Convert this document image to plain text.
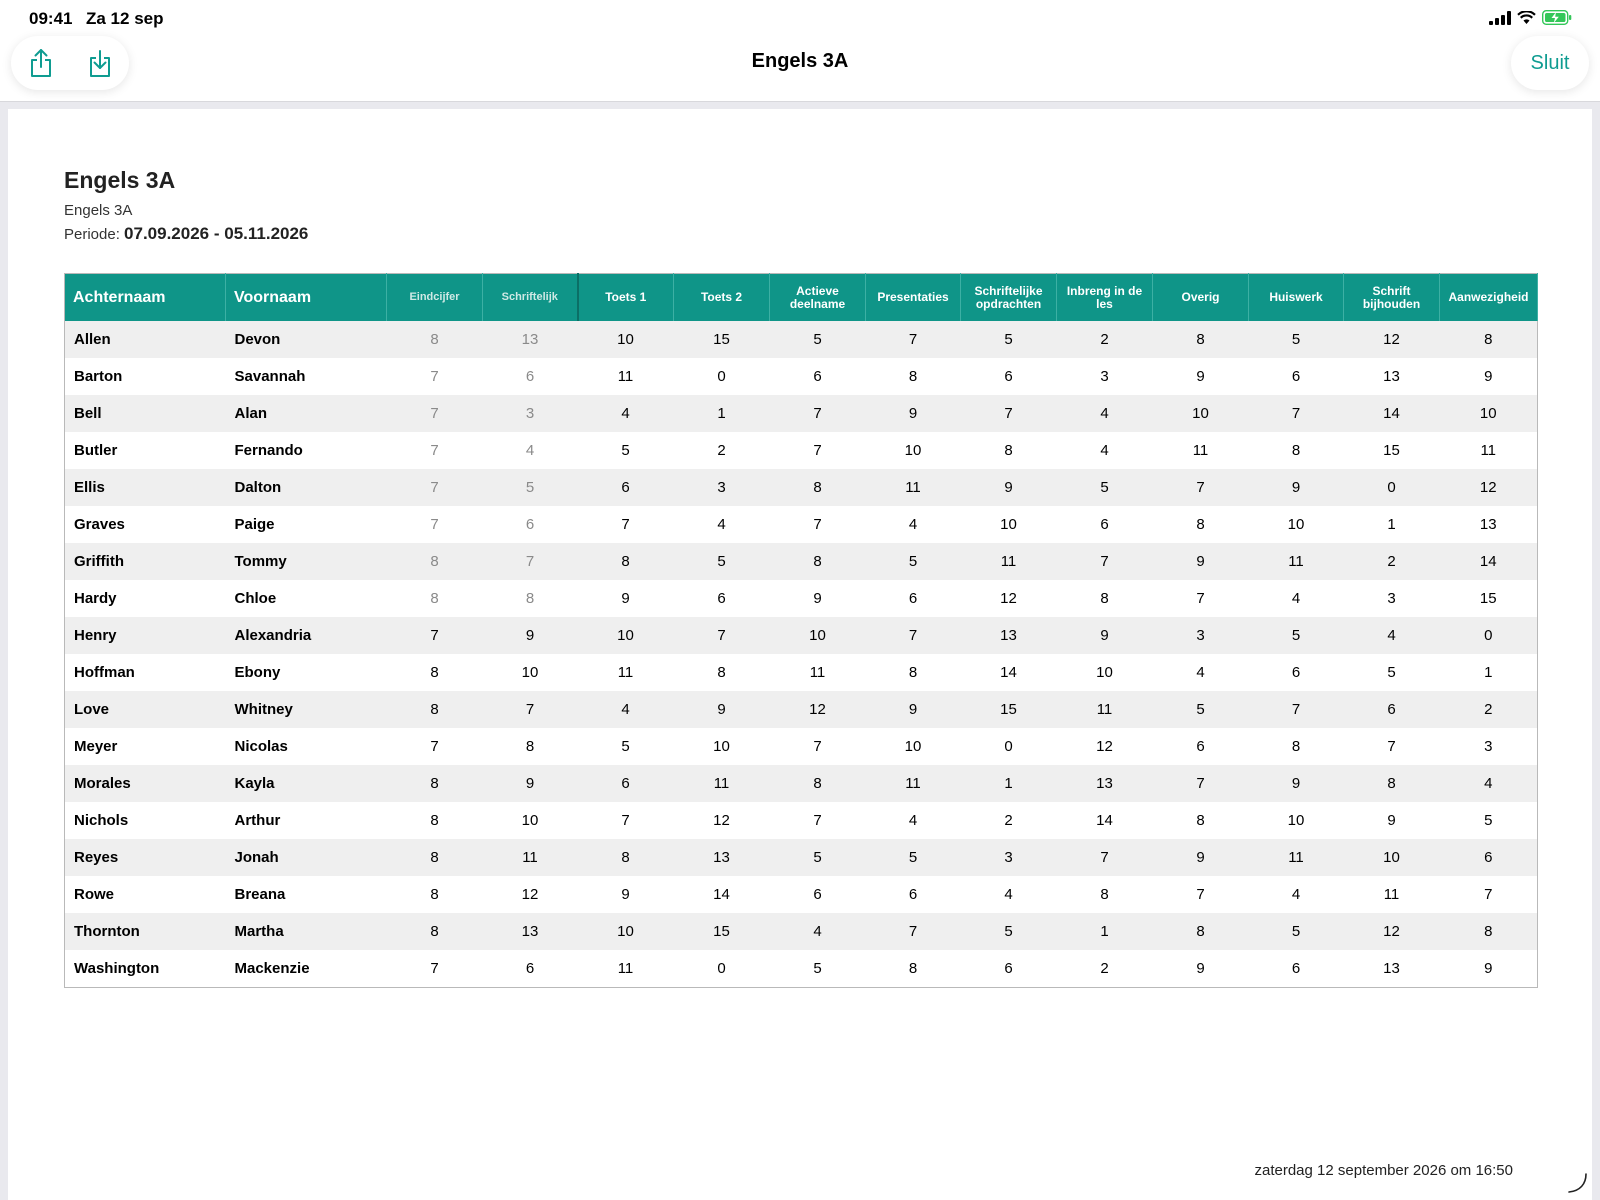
09:41 Za 12 sep
Engels 3A	Sluit
Engels 3A
Engels 3A
Periode: 07.09.2026 - 05.11.2026
Achternaam	Voornaam	Eindcijfer	Schriftelijk	Toets 1	Toets 2	Actieve deelname	Presentaties	Schriftelijke opdrachten	Inbreng in de les	Overig	Huiswerk	Schrift bijhouden	Aanwezigheid
Allen	Devon	8	13	10	15	5	7	5	2	8	5	12	8
Barton	Savannah	7	6	11	0	6	8	6	3	9	6	13	9
Bell	Alan	7	3	4	1	7	9	7	4	10	7	14	10
Butler	Fernando	7	4	5	2	7	10	8	4	11	8	15	11
Ellis	Dalton	7	5	6	3	8	11	9	5	7	9	0	12
Graves	Paige	7	6	7	4	7	4	10	6	8	10	1	13
Griffith	Tommy	8	7	8	5	8	5	11	7	9	11	2	14
Hardy	Chloe	8	8	9	6	9	6	12	8	7	4	3	15
Henry	Alexandria	7	9	10	7	10	7	13	9	3	5	4	0
Hoffman	Ebony	8	10	11	8	11	8	14	10	4	6	5	1
Love	Whitney	8	7	4	9	12	9	15	11	5	7	6	2
Meyer	Nicolas	7	8	5	10	7	10	0	12	6	8	7	3
Morales	Kayla	8	9	6	11	8	11	1	13	7	9	8	4
Nichols	Arthur	8	10	7	12	7	4	2	14	8	10	9	5
Reyes	Jonah	8	11	8	13	5	5	3	7	9	11	10	6
Rowe	Breana	8	12	9	14	6	6	4	8	7	4	11	7
Thornton	Martha	8	13	10	15	4	7	5	1	8	5	12	8
Washington	Mackenzie	7	6	11	0	5	8	6	2	9	6	13	9
zaterdag 12 september 2026 om 16:50
